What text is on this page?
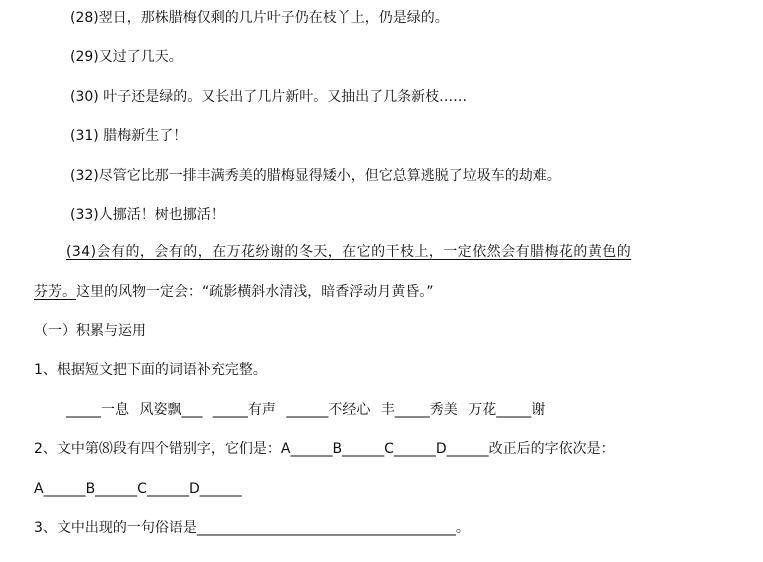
(28)翌日，那株腊梅仅剩的几片叶子仍在枝丫上，仍是绿的。
(29)又过了几天。
(30) 叶子还是绿的。又长出了几片新叶。又抽出了几条新枝……
(31) 腊梅新生了！
(32)尽管它比那一排丰满秀美的腊梅显得矮小，但它总算逃脱了垃圾车的劫难。
(33)人挪活！树也挪活！
(34)会有的，会有的，在万花纷谢的冬天，在它的干枝上，一定依然会有腊梅花的黄色的
芬芳。这里的风物一定会：“疏影横斜水清浅，暗香浮动月黄昏。”
（一）积累与运用
1、根据短文把下面的词语补充完整。
_____一息 风姿飘___ _____有声 ______不经心 丰_____秀美 万花_____谢
2、文中第⑻段有四个错别字，它们是：A______B______C______D______改正后的字依次是：
A______B______C______D______
3、文中出现的一句俗语是_____________________________________。
